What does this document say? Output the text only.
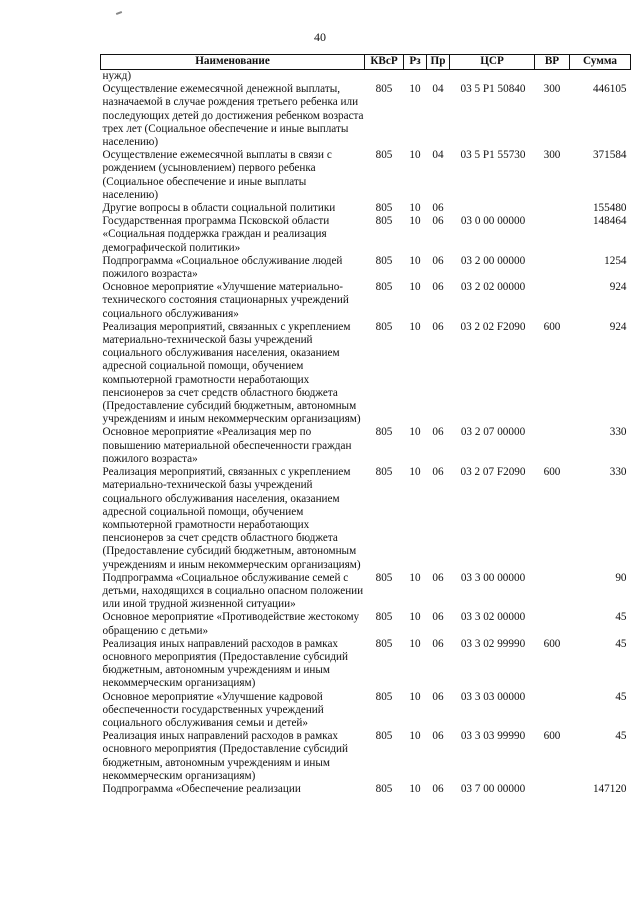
40
Наименование	КВсР	Рз	Пр	ЦСР	ВР	Сумма
нужд)						
Осуществление ежемесячной денежной выплаты, назначаемой в случае рождения третьего ребенка или последующих детей до достижения ребенком возраста трех лет (Социальное обеспечение и иные выплаты населению)	805	10	04	03 5 P1 50840	300	446105
Осуществление ежемесячной выплаты в связи с рождением (усыновлением) первого ребенка (Социальное обеспечение и иные выплаты населению)	805	10	04	03 5 P1 55730	300	371584
Другие вопросы в области социальной политики	805	10	06			155480
Государственная программа Псковской области «Социальная поддержка граждан и реализация демографической политики»	805	10	06	03 0 00 00000		148464
Подпрограмма «Социальное обслуживание людей пожилого возраста»	805	10	06	03 2 00 00000		1254
Основное мероприятие «Улучшение материально-технического состояния стационарных учреждений социального обслуживания»	805	10	06	03 2 02 00000		924
Реализация мероприятий, связанных с укреплением материально-технической базы учреждений социального обслуживания населения, оказанием адресной социальной помощи, обучением компьютерной грамотности неработающих пенсионеров за счет средств областного бюджета (Предоставление субсидий бюджетным, автономным учреждениям и иным некоммерческим организациям)	805	10	06	03 2 02 F2090	600	924
Основное мероприятие «Реализация мер по повышению материальной обеспеченности граждан пожилого возраста»	805	10	06	03 2 07 00000		330
Реализация мероприятий, связанных с укреплением материально-технической базы учреждений социального обслуживания населения, оказанием адресной социальной помощи, обучением компьютерной грамотности неработающих пенсионеров за счет средств областного бюджета (Предоставление субсидий бюджетным, автономным учреждениям и иным некоммерческим организациям)	805	10	06	03 2 07 F2090	600	330
Подпрограмма «Социальное обслуживание семей с детьми, находящихся в социально опасном положении или иной трудной жизненной ситуации»	805	10	06	03 3 00 00000		90
Основное мероприятие «Противодействие жестокому обращению с детьми»	805	10	06	03 3 02 00000		45
Реализация иных направлений расходов в рамках основного мероприятия (Предоставление субсидий бюджетным, автономным учреждениям и иным некоммерческим организациям)	805	10	06	03 3 02 99990	600	45
Основное мероприятие «Улучшение кадровой обеспеченности государственных учреждений социального обслуживания семьи и детей»	805	10	06	03 3 03 00000		45
Реализация иных направлений расходов в рамках основного мероприятия (Предоставление субсидий бюджетным, автономным учреждениям и иным некоммерческим организациям)	805	10	06	03 3 03 99990	600	45
Подпрограмма «Обеспечение реализации	805	10	06	03 7 00 00000		147120
